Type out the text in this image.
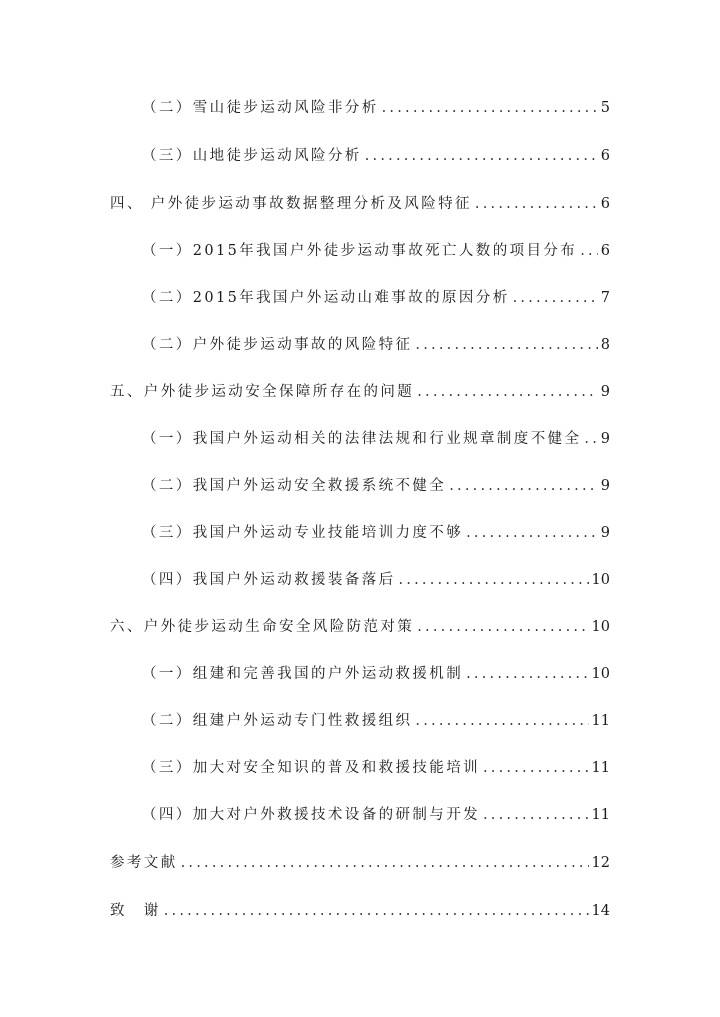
（二）雪山徒步运动风险非分析 .....	5
（三）山地徒步运动风险分析 .....	6
四、 户外徒步运动事故数据整理分析及风险特征 .....	6
（一）2015年我国户外徒步运动事故死亡人数的项目分布 ..... 6
（二）2015年我国户外运动山难事故的原因分析 .....	7
（二）户外徒步运动事故的风险特征 .....	8
五、户外徒步运动安全保障所存在的问题 .....	9
（一）我国户外运动相关的法律法规和行业规章制度不健全 ..... 9
（二）我国户外运动安全救援系统不健全 .....	9
（三）我国户外运动专业技能培训力度不够 .....	9
（四）我国户外运动救援装备落后 .....	10
六、户外徒步运动生命安全风险防范对策 .....	10
（一）组建和完善我国的户外运动救援机制 .....	10
（二）组建户外运动专门性救援组织 .....	11
（三）加大对安全知识的普及和救援技能培训 .....	11
（四）加大对户外救援技术设备的研制与开发 .....	11
参考文献 .....	12
致　谢 .....	14
